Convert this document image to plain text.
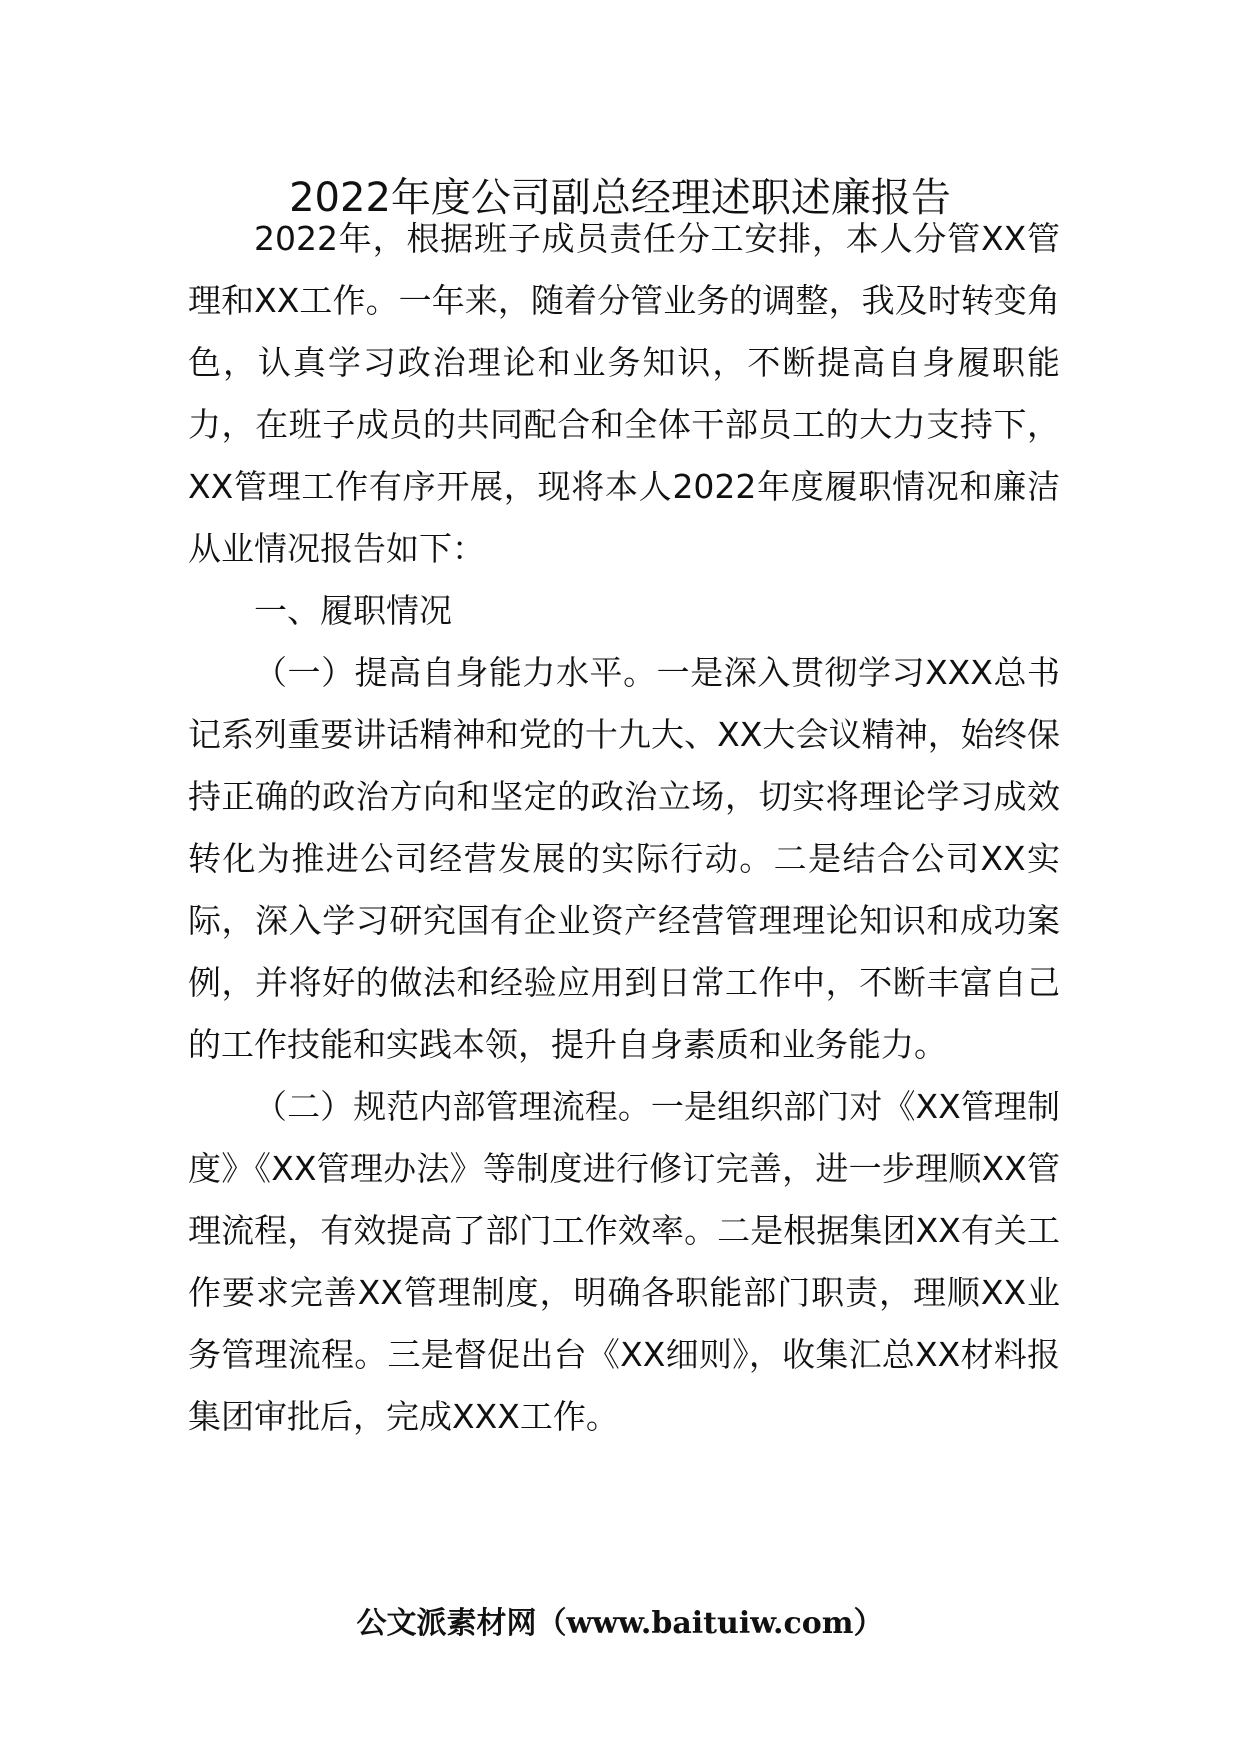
2022年度公司副总经理述职述廉报告

2022年，根据班子成员责任分工安排，本人分管XX管理和XX工作。一年来，随着分管业务的调整，我及时转变角色，认真学习政治理论和业务知识，不断提高自身履职能力，在班子成员的共同配合和全体干部员工的大力支持下，XX管理工作有序开展，现将本人2022年度履职情况和廉洁从业情况报告如下：

一、履职情况

（一）提高自身能力水平。一是深入贯彻学习XXX总书记系列重要讲话精神和党的十九大、XX大会议精神，始终保持正确的政治方向和坚定的政治立场，切实将理论学习成效转化为推进公司经营发展的实际行动。二是结合公司XX实际，深入学习研究国有企业资产经营管理理论知识和成功案例，并将好的做法和经验应用到日常工作中，不断丰富自己的工作技能和实践本领，提升自身素质和业务能力。

（二）规范内部管理流程。一是组织部门对《XX管理制度》《XX管理办法》等制度进行修订完善，进一步理顺XX管理流程，有效提高了部门工作效率。二是根据集团XX有关工作要求完善XX管理制度，明确各职能部门职责，理顺XX业务管理流程。三是督促出台《XX细则》，收集汇总XX材料报集团审批后，完成XXX工作。

公文派素材网（www.baituiw.com）
